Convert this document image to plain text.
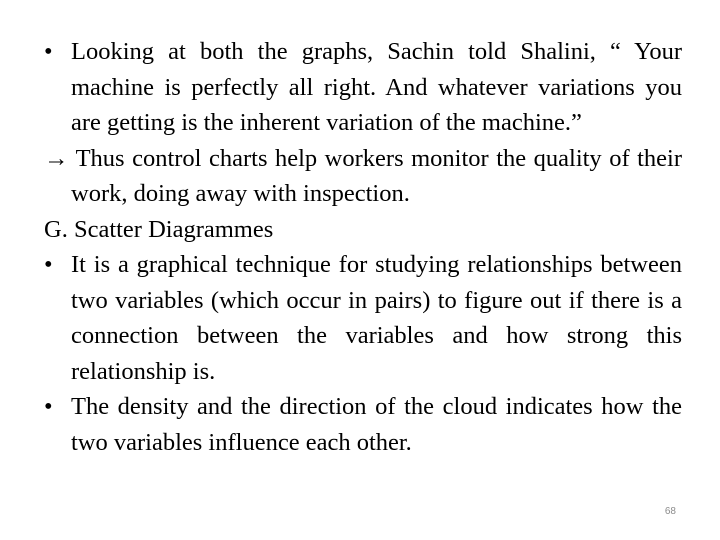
• Looking at both the graphs, Sachin told Shalini, “ Your machine is perfectly all right. And whatever variations you are getting is the inherent variation of the machine.”

→ Thus control charts help workers monitor the quality of their work, doing away with inspection.

G. Scatter Diagrammes

• It is a graphical technique for studying relationships between two variables (which occur in pairs) to figure out if there is a connection between the variables and how strong this relationship is.

• The density and the direction of the cloud indicates how the two variables influence each other.

68
